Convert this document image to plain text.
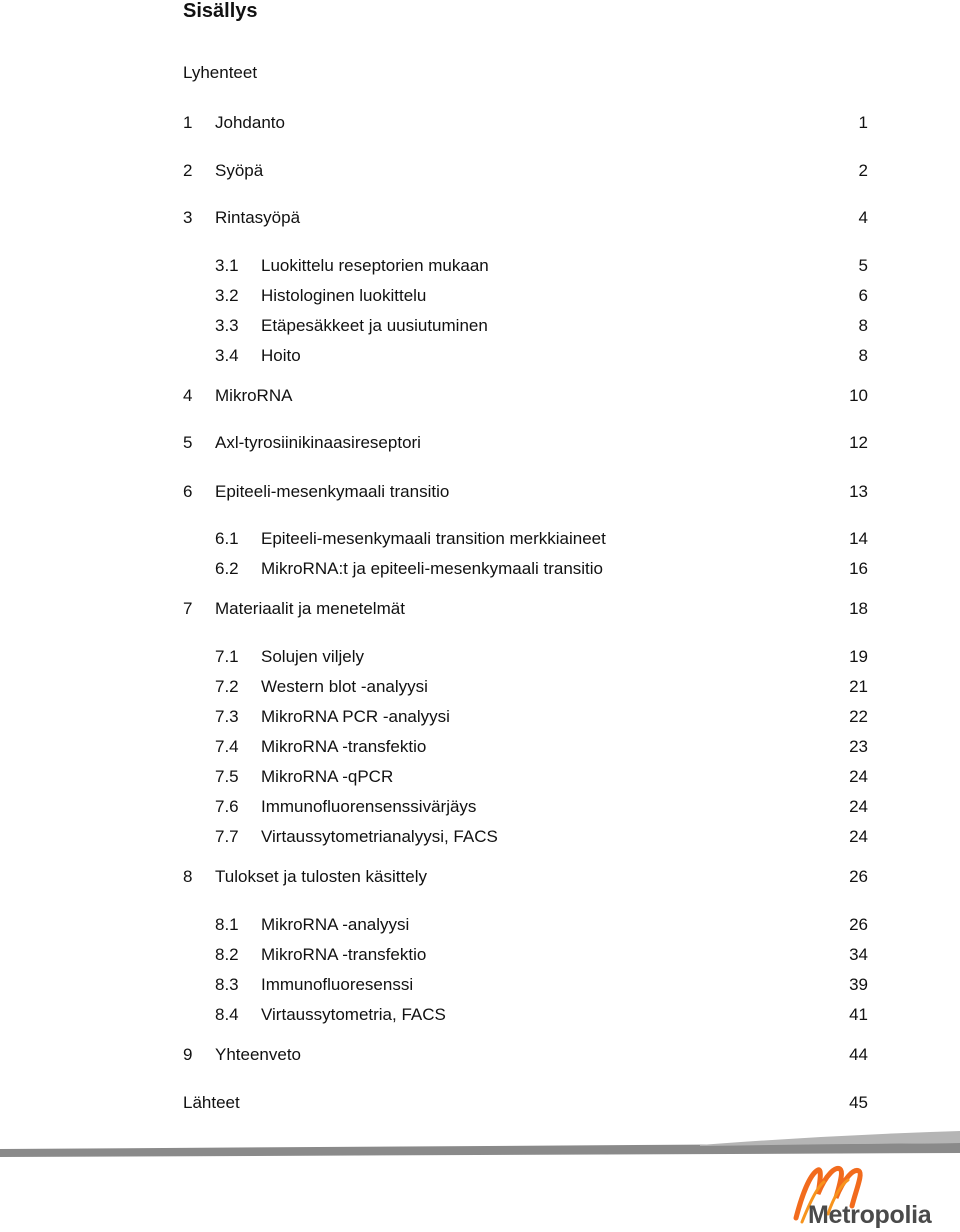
Sisällys
Lyhenteet
1 Johdanto	1
2 Syöpä	2
3 Rintasyöpä	4
3.1 Luokittelu reseptorien mukaan	5
3.2 Histologinen luokittelu	6
3.3 Etäpesäkkeet ja uusiutuminen	8
3.4 Hoito	8
4 MikroRNA	10
5 Axl-tyrosiinikinaasireseptori	12
6 Epiteeli-mesenkymaali transitio	13
6.1 Epiteeli-mesenkymaali transition merkkiaineet	14
6.2 MikroRNA:t ja epiteeli-mesenkymaali transitio	16
7 Materiaalit ja menetelmät	18
7.1 Solujen viljely	19
7.2 Western blot -analyysi	21
7.3 MikroRNA PCR -analyysi	22
7.4 MikroRNA -transfektio	23
7.5 MikroRNA -qPCR	24
7.6 Immunofluorensenssivärjäys	24
7.7 Virtaussytometrianalyysi, FACS	24
8 Tulokset ja tulosten käsittely	26
8.1 MikroRNA -analyysi	26
8.2 MikroRNA -transfektio	34
8.3 Immunofluoresenssi	39
8.4 Virtaussytometria, FACS	41
9 Yhteenveto	44
Lähteet	45
Metropolia
